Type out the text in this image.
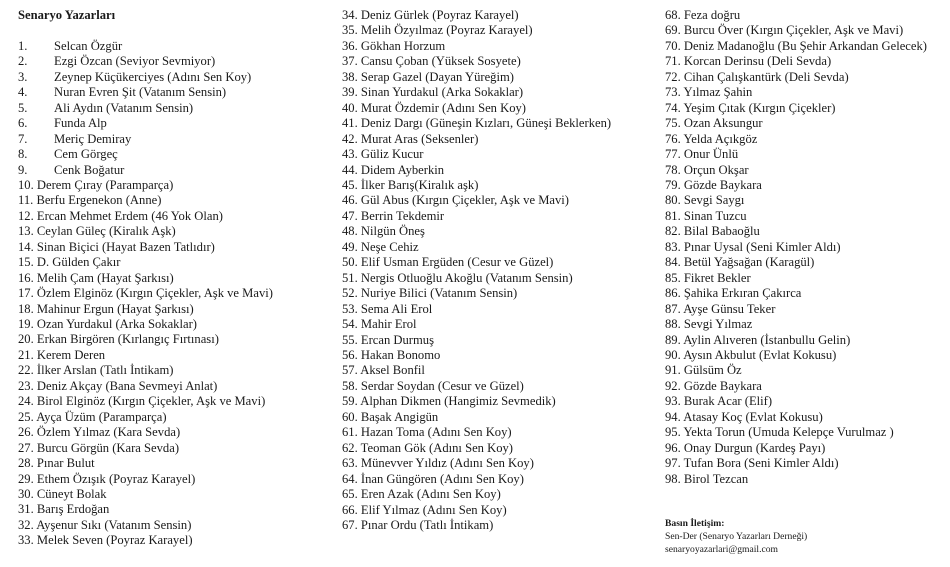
Senaryo Yazarları
1. Selcan Özgür
2. Ezgi Özcan (Seviyor Sevmiyor)
3. Zeynep Küçükerciyes (Adını Sen Koy)
4. Nuran Evren Şit (Vatanım Sensin)
5. Ali Aydın (Vatanım Sensin)
6. Funda Alp
7. Meriç Demiray
8. Cem Görgeç
9. Cenk Boğatur
10. Derem Çıray (Paramparça)
11. Berfu Ergenekon (Anne)
12. Ercan Mehmet Erdem (46 Yok Olan)
13. Ceylan Güleç (Kiralık Aşk)
14. Sinan Biçici (Hayat Bazen Tatlıdır)
15. D. Gülden Çakır
16. Melih Çam (Hayat Şarkısı)
17. Özlem Elginöz (Kırgın Çiçekler, Aşk ve Mavi)
18. Mahinur Ergun (Hayat Şarkısı)
19. Ozan Yurdakul (Arka Sokaklar)
20. Erkan Birgören (Kırlangıç Fırtınası)
21. Kerem Deren
22. İlker Arslan (Tatlı İntikam)
23. Deniz Akçay (Bana Sevmeyi Anlat)
24. Birol Elginöz (Kırgın Çiçekler, Aşk ve Mavi)
25. Ayça Üzüm (Paramparça)
26. Özlem Yılmaz (Kara Sevda)
27. Burcu Görgün (Kara Sevda)
28. Pınar Bulut
29. Ethem Özışık (Poyraz Karayel)
30. Cüneyt Bolak
31. Barış Erdoğan
32. Ayşenur Sıkı (Vatanım Sensin)
33. Melek Seven (Poyraz Karayel)
34. Deniz Gürlek (Poyraz Karayel)
35. Melih Özyılmaz (Poyraz Karayel)
36. Gökhan Horzum
37. Cansu Çoban (Yüksek Sosyete)
38. Serap Gazel (Dayan Yüreğim)
39. Sinan Yurdakul (Arka Sokaklar)
40. Murat Özdemir (Adını Sen Koy)
41. Deniz Dargı (Güneşin Kızları, Güneşi Beklerken)
42. Murat Aras (Seksenler)
43. Güliz Kucur
44. Didem Ayberkin
45. İlker Barış(Kiralık aşk)
46. Gül Abus (Kırgın Çiçekler, Aşk ve Mavi)
47. Berrin Tekdemir
48. Nilgün Öneş
49. Neşe Cehiz
50. Elif Usman Ergüden (Cesur ve Güzel)
51. Nergis Otluoğlu Akoğlu (Vatanım Sensin)
52. Nuriye Bilici (Vatanım Sensin)
53. Sema Ali Erol
54. Mahir Erol
55. Ercan Durmuş
56. Hakan Bonomo
57. Aksel Bonfil
58. Serdar Soydan (Cesur ve Güzel)
59. Alphan Dikmen (Hangimiz Sevmedik)
60. Başak Angigün
61. Hazan Toma (Adını Sen Koy)
62. Teoman Gök (Adını Sen Koy)
63. Münevver Yıldız (Adını Sen Koy)
64. İnan Güngören (Adını Sen Koy)
65. Eren Azak (Adını Sen Koy)
66. Elif Yılmaz (Adını Sen Koy)
67. Pınar Ordu (Tatlı İntikam)
68. Feza doğru
69. Burcu Över (Kırgın Çiçekler, Aşk ve Mavi)
70. Deniz Madanoğlu (Bu Şehir Arkandan Gelecek)
71. Korcan Derinsu (Deli Sevda)
72. Cihan Çalışkantürk (Deli Sevda)
73. Yılmaz Şahin
74. Yeşim Çıtak (Kırgın Çiçekler)
75. Ozan Aksungur
76. Yelda Açıkgöz
77. Onur Ünlü
78. Orçun Okşar
79. Gözde Baykara
80. Sevgi Saygı
81. Sinan Tuzcu
82. Bilal Babaoğlu
83. Pınar Uysal (Seni Kimler Aldı)
84. Betül Yağsağan (Karagül)
85. Fikret Bekler
86. Şahika Erkıran Çakırca
87. Ayşe Günsu Teker
88. Sevgi Yılmaz
89. Aylin Alıveren (İstanbullu Gelin)
90. Aysın Akbulut (Evlat Kokusu)
91. Gülsüm Öz
92. Gözde Baykara
93. Burak Acar (Elif)
94. Atasay Koç (Evlat Kokusu)
95. Yekta Torun (Umuda Kelepçe Vurulmaz )
96. Onay Durgun (Kardeş Payı)
97. Tufan Bora (Seni Kimler Aldı)
98. Birol Tezcan
Basın İletişim:
Sen-Der (Senaryo Yazarları Derneği)
senaryoyazarlari@gmail.com
